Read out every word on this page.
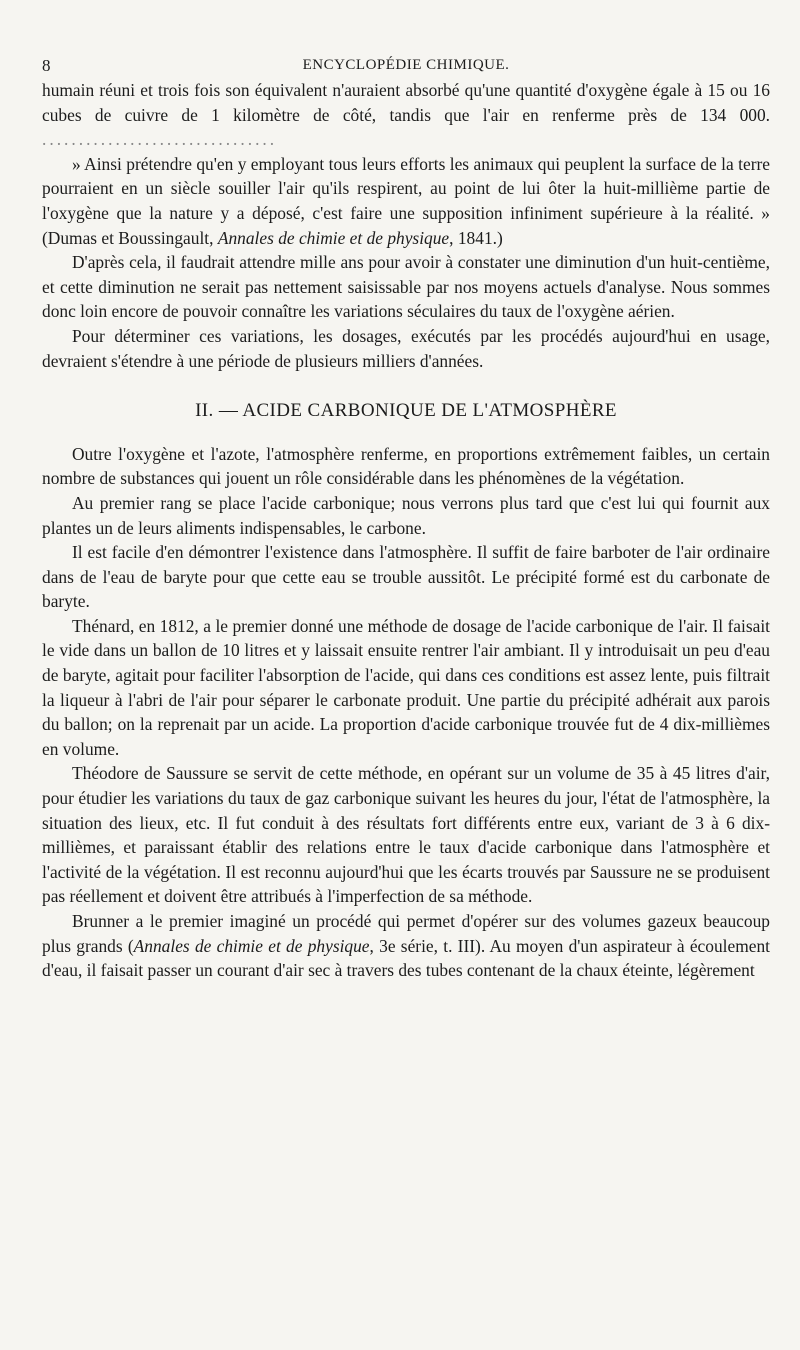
8	ENCYCLOPÉDIE CHIMIQUE.

humain réuni et trois fois son équivalent n'auraient absorbé qu'une quantité d'oxygène égale à 15 ou 16 cubes de cuivre de 1 kilomètre de côté, tandis que l'air en renferme près de 134 000. ................................

» Ainsi prétendre qu'en y employant tous leurs efforts les animaux qui peuplent la surface de la terre pourraient en un siècle souiller l'air qu'ils respirent, au point de lui ôter la huit-millième partie de l'oxygène que la nature y a déposé, c'est faire une supposition infiniment supérieure à la réalité. » (Dumas et Boussingault, Annales de chimie et de physique, 1841.)

D'après cela, il faudrait attendre mille ans pour avoir à constater une diminution d'un huit-centième, et cette diminution ne serait pas nettement saisissable par nos moyens actuels d'analyse. Nous sommes donc loin encore de pouvoir connaître les variations séculaires du taux de l'oxygène aérien.

Pour déterminer ces variations, les dosages, exécutés par les procédés aujourd'hui en usage, devraient s'étendre à une période de plusieurs milliers d'années.

II. — ACIDE CARBONIQUE DE L'ATMOSPHÈRE

Outre l'oxygène et l'azote, l'atmosphère renferme, en proportions extrêmement faibles, un certain nombre de substances qui jouent un rôle considérable dans les phénomènes de la végétation.

Au premier rang se place l'acide carbonique; nous verrons plus tard que c'est lui qui fournit aux plantes un de leurs aliments indispensables, le carbone.

Il est facile d'en démontrer l'existence dans l'atmosphère. Il suffit de faire barboter de l'air ordinaire dans de l'eau de baryte pour que cette eau se trouble aussitôt. Le précipité formé est du carbonate de baryte.

Thénard, en 1812, a le premier donné une méthode de dosage de l'acide carbonique de l'air. Il faisait le vide dans un ballon de 10 litres et y laissait ensuite rentrer l'air ambiant. Il y introduisait un peu d'eau de baryte, agitait pour faciliter l'absorption de l'acide, qui dans ces conditions est assez lente, puis filtrait la liqueur à l'abri de l'air pour séparer le carbonate produit. Une partie du précipité adhérait aux parois du ballon; on la reprenait par un acide. La proportion d'acide carbonique trouvée fut de 4 dix-millièmes en volume.

Théodore de Saussure se servit de cette méthode, en opérant sur un volume de 35 à 45 litres d'air, pour étudier les variations du taux de gaz carbonique suivant les heures du jour, l'état de l'atmosphère, la situation des lieux, etc. Il fut conduit à des résultats fort différents entre eux, variant de 3 à 6 dix-millièmes, et paraissant établir des relations entre le taux d'acide carbonique dans l'atmosphère et l'activité de la végétation. Il est reconnu aujourd'hui que les écarts trouvés par Saussure ne se produisent pas réellement et doivent être attribués à l'imperfection de sa méthode.

Brunner a le premier imaginé un procédé qui permet d'opérer sur des volumes gazeux beaucoup plus grands (Annales de chimie et de physique, 3e série, t. III). Au moyen d'un aspirateur à écoulement d'eau, il faisait passer un courant d'air sec à travers des tubes contenant de la chaux éteinte, légèrement
